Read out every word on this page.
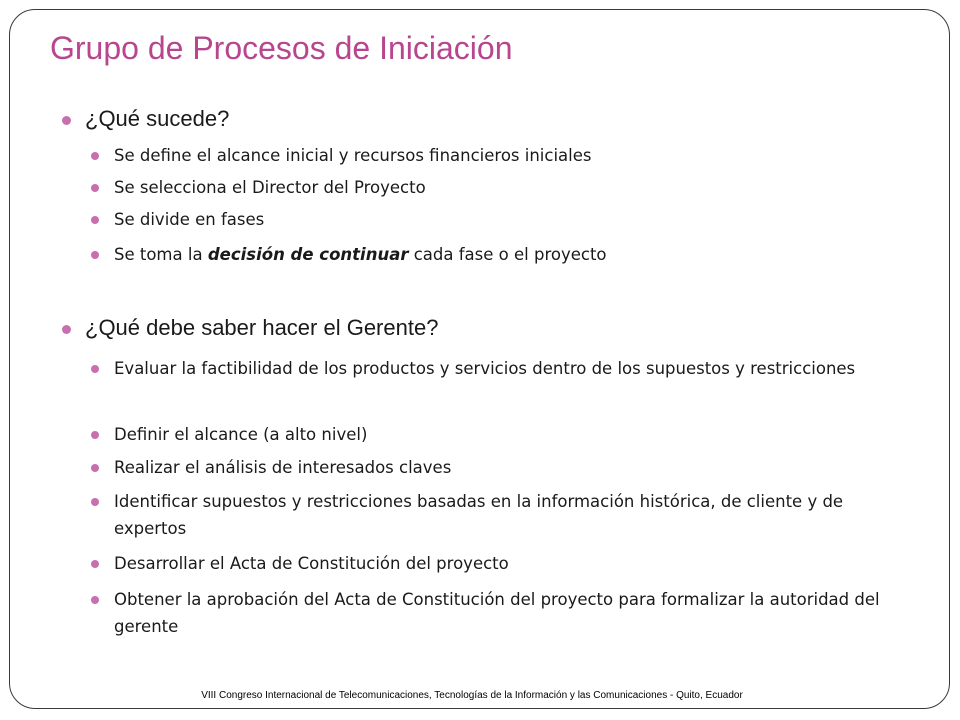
Grupo de Procesos de Iniciación

¿Qué sucede?

Se define el alcance inicial y recursos financieros iniciales

Se selecciona el Director del Proyecto

Se divide en fases

Se toma la decisión de continuar cada fase o el proyecto

¿Qué debe saber hacer el Gerente?

Evaluar la factibilidad de los productos y servicios dentro de los supuestos y restricciones

Definir el alcance (a alto nivel)

Realizar el análisis de interesados claves

Identificar supuestos y restricciones basadas en la información histórica, de cliente y de expertos

Desarrollar el Acta de Constitución del proyecto

Obtener la aprobación del Acta de Constitución del proyecto para formalizar la autoridad del gerente

VIII Congreso Internacional de Telecomunicaciones, Tecnologías de la Información y las Comunicaciones - Quito, Ecuador
